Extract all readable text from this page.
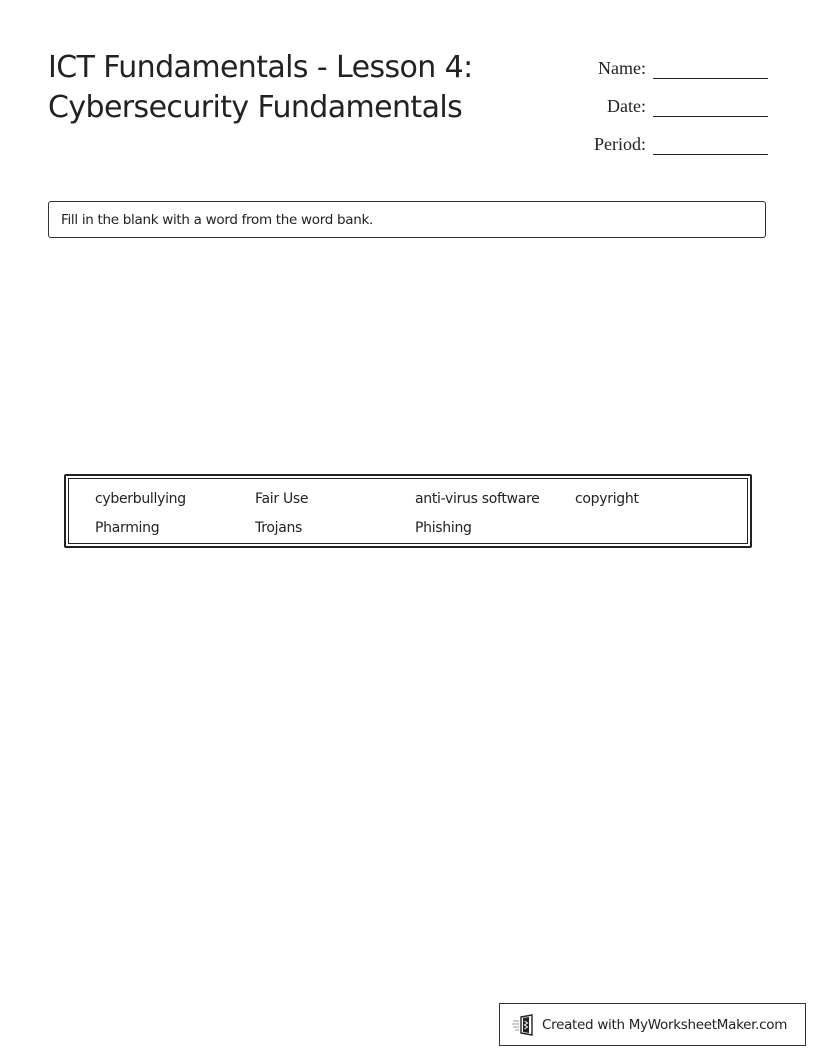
ICT Fundamentals - Lesson 4:
Cybersecurity Fundamentals
Name:
Date:
Period:
Fill in the blank with a word from the word bank.
cyberbullying	Fair Use	anti-virus software	copyright
Pharming	Trojans	Phishing
Created with MyWorksheetMaker.com
